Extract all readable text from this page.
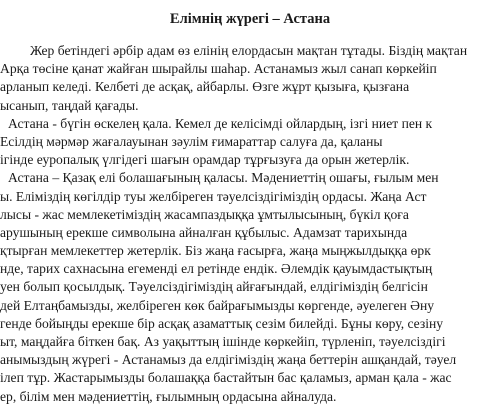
Елімнің жүрегі – Астана
Жер бетіндегі әрбір адам өз елінің елордасын мақтан тұтады. Біздің мақтан
Арқа төсіне қанат жайған шырайлы шаһар. Астанамыз жыл санап көркейіп
арланып келеді. Келбеті де асқақ, айбарлы. Өзге жұрт қызыға, қызғана
ысанып, таңдай қағады.
Астана - бүгін өскелең қала. Кемел де келісімді ойлардың, ізгі ниет пен к
Есілдің мәрмәр жағалауынан зәулім ғимараттар салуға да, қаланы
ігінде еуропалық үлгідегі шағын орамдар тұрғызуға да орын жетерлік.
Астана – Қазақ елі болашағының қаласы. Мәдениеттің ошағы, ғылым мен
ы. Еліміздің көгілдір туы желбіреген тәуелсіздігіміздің ордасы. Жаңа Аст
лысы - жас мемлекетіміздің жасампаздыққа ұмтылысының, бүкіл қоға
арушының ерекше символына айналған құбылыс. Адамзат тарихында
қтырған мемлекеттер жетерлік. Біз жаңа ғасырға, жаңа мыңжылдыққа өрк
нде, тарих сахнасына егеменді ел ретінде ендік. Әлемдік қауымдастықтың
уен болып қосылдық. Тәуелсіздігіміздің айғағындай, елдігіміздің белгісін
дей Елтаңбамызды, желбіреген көк байрағымызды көргенде, әуелеген Әну
генде бойыңды ерекше бір асқақ азаматтық сезім билейді. Бұны көру, сезіну
ыт, маңдайға біткен бақ. Аз уақыттың ішінде көркейіп, түрленіп, тәуелсіздігі
анымыздың жүрегі - Астанамыз да елдігіміздің жаңа беттерін ашқандай, тәуел
ілеп тұр. Жастарымызды болашаққа бастайтын бас қаламыз, арман қала - жас
ер, білім мен мәдениеттің, ғылымның ордасына айналуда.
